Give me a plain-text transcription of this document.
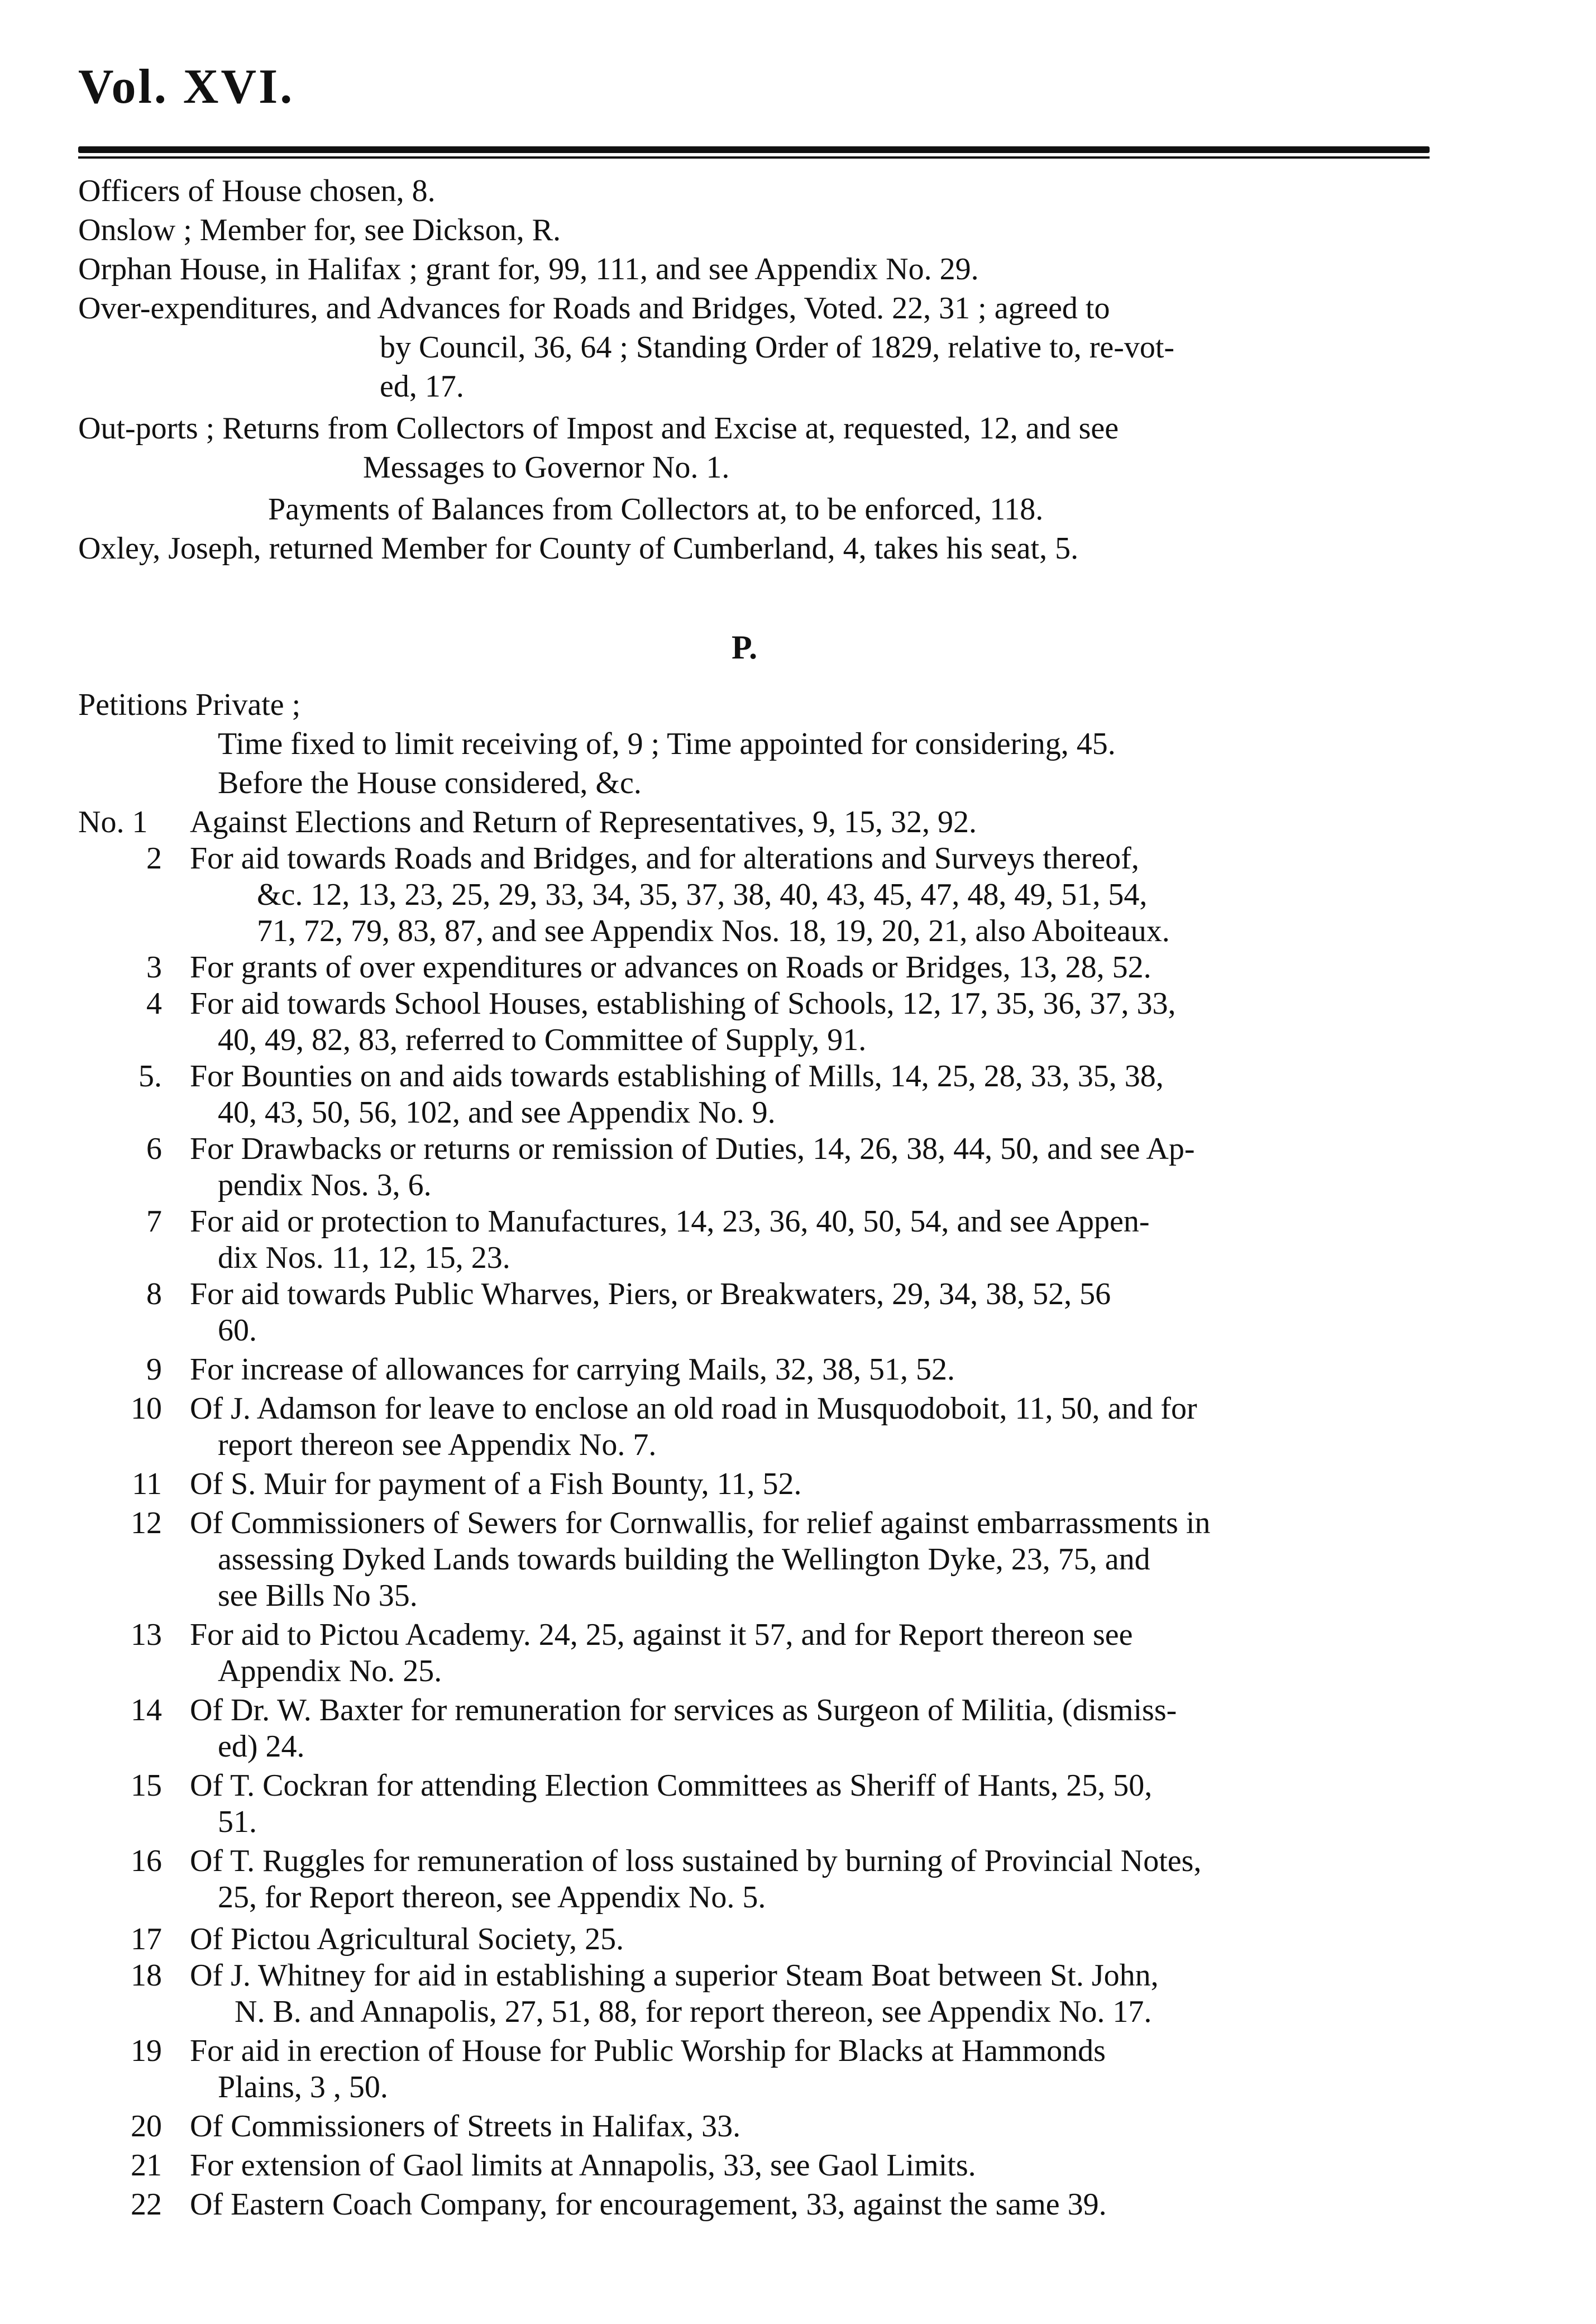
Vol. XVI.
Officers of House chosen, 8.
Onslow ; Member for, see Dickson, R.
Orphan House, in Halifax ; grant for, 99, 111, and see Appendix No. 29.
Over-expenditures, and Advances for Roads and Bridges, Voted. 22, 31 ; agreed to
by Council, 36, 64 ; Standing Order of 1829, relative to, re-vot-
ed, 17.
Out-ports ; Returns from Collectors of Impost and Excise at, requested, 12, and see
Messages to Governor No. 1.
Payments of Balances from Collectors at, to be enforced, 118.
Oxley, Joseph, returned Member for County of Cumberland, 4, takes his seat, 5.
P.
Petitions Private ;
Time fixed to limit receiving of, 9 ; Time appointed for considering, 45.
Before the House considered, &c.
No. 1	Against Elections and Return of Representatives, 9, 15, 32, 92.
2 For aid towards Roads and Bridges, and for alterations and Surveys thereof,
&c. 12, 13, 23, 25, 29, 33, 34, 35, 37, 38, 40, 43, 45, 47, 48, 49, 51, 54,
71, 72, 79, 83, 87, and see Appendix Nos. 18, 19, 20, 21, also Aboiteaux.
3 For grants of over expenditures or advances on Roads or Bridges, 13, 28, 52.
4 For aid towards School Houses, establishing of Schools, 12, 17, 35, 36, 37, 33,
40, 49, 82, 83, referred to Committee of Supply, 91.
5. For Bounties on and aids towards establishing of Mills, 14, 25, 28, 33, 35, 38,
40, 43, 50, 56, 102, and see Appendix No. 9.
6 For Drawbacks or returns or remission of Duties, 14, 26, 38, 44, 50, and see Ap-
pendix Nos. 3, 6.
7 For aid or protection to Manufactures, 14, 23, 36, 40, 50, 54, and see Appen-
dix Nos. 11, 12, 15, 23.
8 For aid towards Public Wharves, Piers, or Breakwaters, 29, 34, 38, 52, 56
60.
9 For increase of allowances for carrying Mails, 32, 38, 51, 52.
10 Of J. Adamson for leave to enclose an old road in Musquodoboit, 11, 50, and for
report thereon see Appendix No. 7.
11 Of S. Muir for payment of a Fish Bounty, 11, 52.
12 Of Commissioners of Sewers for Cornwallis, for relief against embarrassments in
assessing Dyked Lands towards building the Wellington Dyke, 23, 75, and
see Bills No 35.
13 For aid to Pictou Academy. 24, 25, against it 57, and for Report thereon see
Appendix No. 25.
14 Of Dr. W. Baxter for remuneration for services as Surgeon of Militia, (dismiss-
ed) 24.
15 Of T. Cockran for attending Election Committees as Sheriff of Hants, 25, 50,
51.
16 Of T. Ruggles for remuneration of loss sustained by burning of Provincial Notes,
25, for Report thereon, see Appendix No. 5.
17 Of Pictou Agricultural Society, 25.
18 Of J. Whitney for aid in establishing a superior Steam Boat between St. John,
N. B. and Annapolis, 27, 51, 88, for report thereon, see Appendix No. 17.
19 For aid in erection of House for Public Worship for Blacks at Hammonds
Plains, 3 , 50.
20 Of Commissioners of Streets in Halifax, 33.
21 For extension of Gaol limits at Annapolis, 33, see Gaol Limits.
22 Of Eastern Coach Company, for encouragement, 33, against the same 39.
